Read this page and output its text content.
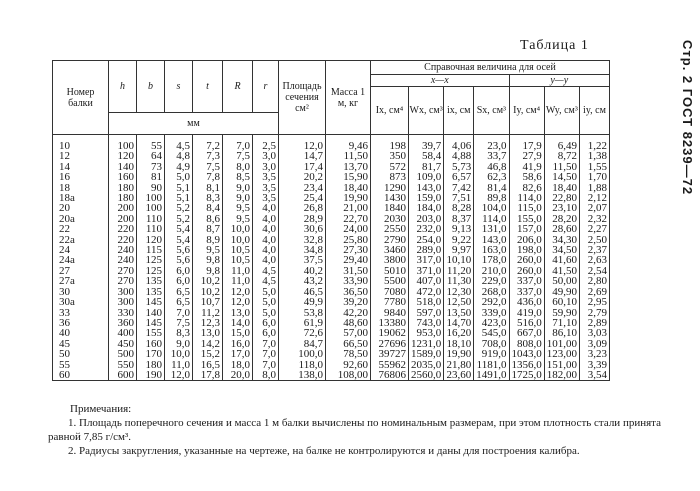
Таблица 1	Стр. 2 ГОСТ 8239—72
Номер балки	h	b	s	t	R	r	Площадь сечения см²	Масса 1 м, кг	Справочная величина для осей						
									x—x				y—y		
									Ix, см⁴	Wx, см³	ix, см	Sx, см³	Iy, см⁴	Wy, см³	iy, см
	мм														
10	100	55	4,5	7,2	7,0	2,5	12,0	9,46	198	39,7	4,06	23,0	17,9	6,49	1,22
12	120	64	4,8	7,3	7,5	3,0	14,7	11,50	350	58,4	4,88	33,7	27,9	8,72	1,38
14	140	73	4,9	7,5	8,0	3,0	17,4	13,70	572	81,7	5,73	46,8	41,9	11,50	1,55
16	160	81	5,0	7,8	8,5	3,5	20,2	15,90	873	109,0	6,57	62,3	58,6	14,50	1,70
18	180	90	5,1	8,1	9,0	3,5	23,4	18,40	1290	143,0	7,42	81,4	82,6	18,40	1,88
18а	180	100	5,1	8,3	9,0	3,5	25,4	19,90	1430	159,0	7,51	89,8	114,0	22,80	2,12
20	200	100	5,2	8,4	9,5	4,0	26,8	21,00	1840	184,0	8,28	104,0	115,0	23,10	2,07
20а	200	110	5,2	8,6	9,5	4,0	28,9	22,70	2030	203,0	8,37	114,0	155,0	28,20	2,32
22	220	110	5,4	8,7	10,0	4,0	30,6	24,00	2550	232,0	9,13	131,0	157,0	28,60	2,27
22а	220	120	5,4	8,9	10,0	4,0	32,8	25,80	2790	254,0	9,22	143,0	206,0	34,30	2,50
24	240	115	5,6	9,5	10,5	4,0	34,8	27,30	3460	289,0	9,97	163,0	198,0	34,50	2,37
24а	240	125	5,6	9,8	10,5	4,0	37,5	29,40	3800	317,0	10,10	178,0	260,0	41,60	2,63
27	270	125	6,0	9,8	11,0	4,5	40,2	31,50	5010	371,0	11,20	210,0	260,0	41,50	2,54
27а	270	135	6,0	10,2	11,0	4,5	43,2	33,90	5500	407,0	11,30	229,0	337,0	50,00	2,80
30	300	135	6,5	10,2	12,0	5,0	46,5	36,50	7080	472,0	12,30	268,0	337,0	49,90	2,69
30а	300	145	6,5	10,7	12,0	5,0	49,9	39,20	7780	518,0	12,50	292,0	436,0	60,10	2,95
33	330	140	7,0	11,2	13,0	5,0	53,8	42,20	9840	597,0	13,50	339,0	419,0	59,90	2,79
36	360	145	7,5	12,3	14,0	6,0	61,9	48,60	13380	743,0	14,70	423,0	516,0	71,10	2,89
40	400	155	8,3	13,0	15,0	6,0	72,6	57,00	19062	953,0	16,20	545,0	667,0	86,10	3,03
45	450	160	9,0	14,2	16,0	7,0	84,7	66,50	27696	1231,0	18,10	708,0	808,0	101,00	3,09
50	500	170	10,0	15,2	17,0	7,0	100,0	78,50	39727	1589,0	19,90	919,0	1043,0	123,00	3,23
55	550	180	11,0	16,5	18,0	7,0	118,0	92,60	55962	2035,0	21,80	1181,0	1356,0	151,00	3,39
60	600	190	12,0	17,8	20,0	8,0	138,0	108,00	76806	2560,0	23,60	1491,0	1725,0	182,00	3,54

Примечания:

1. Площадь поперечного сечения и масса 1 м балки вычислены по номинальным размерам, при этом плотность стали принята равной 7,85 г/см³.

2. Радиусы закругления, указанные на чертеже, на балке не контролируются и даны для построения калибра.
